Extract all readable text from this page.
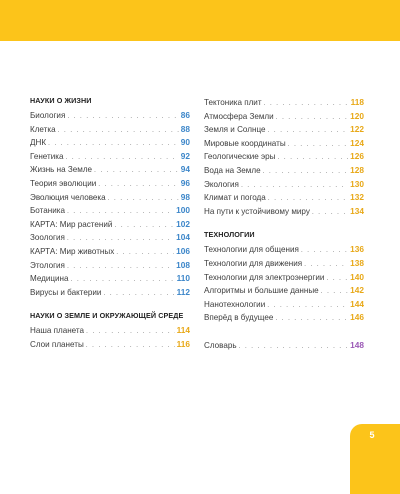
НАУКИ О ЖИЗНИ
Биология . . .	86
Клетка . . .	88
ДНК . . .	90
Генетика . . .	92
Жизнь на Земле . . .	94
Теория эволюции . . .	96
Эволюция человека . . .	98
Ботаника . . .	100
КАРТА: Мир растений . . .	102
Зоология . . .	104
КАРТА: Мир животных . . .	106
Этология . . .	108
Медицина . . .	110
Вирусы и бактерии . . .	112
НАУКИ О ЗЕМЛЕ И ОКРУЖАЮЩЕЙ СРЕДЕ
Наша планета . . .	114
Слои планеты . . .	116
Тектоника плит . . .	118
Атмосфера Земли . . .	120
Земля и Солнце . . .	122
Мировые координаты . . .	124
Геологические эры . . .	126
Вода на Земле . . .	128
Экология . . .	130
Климат и погода . . .	132
На пути к устойчивому миру . . .	134
ТЕХНОЛОГИИ
Технологии для общения . . .	136
Технологии для движения . . .	138
Технологии для электроэнергии . . .	140
Алгоритмы и большие данные . . .	142
Нанотехнологии . . .	144
Вперёд в будущее . . .	146
Словарь . . .	148
5
